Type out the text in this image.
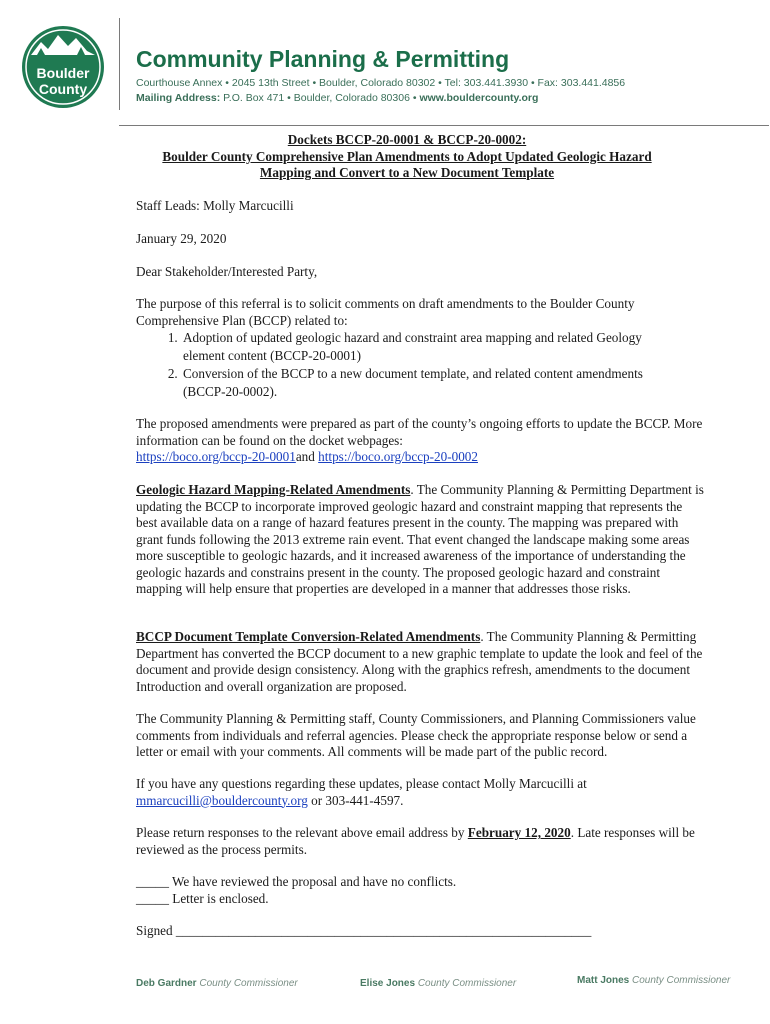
Boulder
County
Community Planning & Permitting
Courthouse Annex • 2045 13th Street • Boulder, Colorado 80302 • Tel: 303.441.3930 • Fax: 303.441.4856
Mailing Address: P.O. Box 471 • Boulder, Colorado 80306 • www.bouldercounty.org
Dockets BCCP-20-0001 & BCCP-20-0002:
Boulder County Comprehensive Plan Amendments to Adopt Updated Geologic Hazard
Mapping and Convert to a New Document Template

Staff Leads: Molly Marcucilli

January 29, 2020

Dear Stakeholder/Interested Party,

The purpose of this referral is to solicit comments on draft amendments to the Boulder County Comprehensive Plan (BCCP) related to:

1. Adoption of updated geologic hazard and constraint area mapping and related Geology
element content (BCCP-20-0001)
2. Conversion of the BCCP to a new document template, and related content amendments
(BCCP-20-0002).

The proposed amendments were prepared as part of the county’s ongoing efforts to update the BCCP. More information can be found on the docket webpages:
https://boco.org/bccp-20-0001and https://boco.org/bccp-20-0002

Geologic Hazard Mapping-Related Amendments. The Community Planning & Permitting Department is updating the BCCP to incorporate improved geologic hazard and constraint mapping that represents the best available data on a range of hazard features present in the county. The mapping was prepared with grant funds following the 2013 extreme rain event. That event changed the landscape making some areas more susceptible to geologic hazards, and it increased awareness of the importance of understanding the geologic hazards and constrains present in the county. The proposed geologic hazard and constraint mapping will help ensure that properties are developed in a manner that addresses those risks.

BCCP Document Template Conversion-Related Amendments. The Community Planning & Permitting Department has converted the BCCP document to a new graphic template to update the look and feel of the document and provide design consistency. Along with the graphics refresh, amendments to the document Introduction and overall organization are proposed.

The Community Planning & Permitting staff, County Commissioners, and Planning Commissioners value comments from individuals and referral agencies. Please check the appropriate response below or send a letter or email with your comments. All comments will be made part of the public record.

If you have any questions regarding these updates, please contact Molly Marcucilli at
mmarcucilli@bouldercounty.org or 303-441-4597.

Please return responses to the relevant above email address by February 12, 2020. Late responses will be reviewed as the process permits.

_____ We have reviewed the proposal and have no conflicts.

_____ Letter is enclosed.

Signed _______________________________________________________________

Deb Gardner County Commissioner	Elise Jones County Commissioner	Matt Jones County Commissioner
